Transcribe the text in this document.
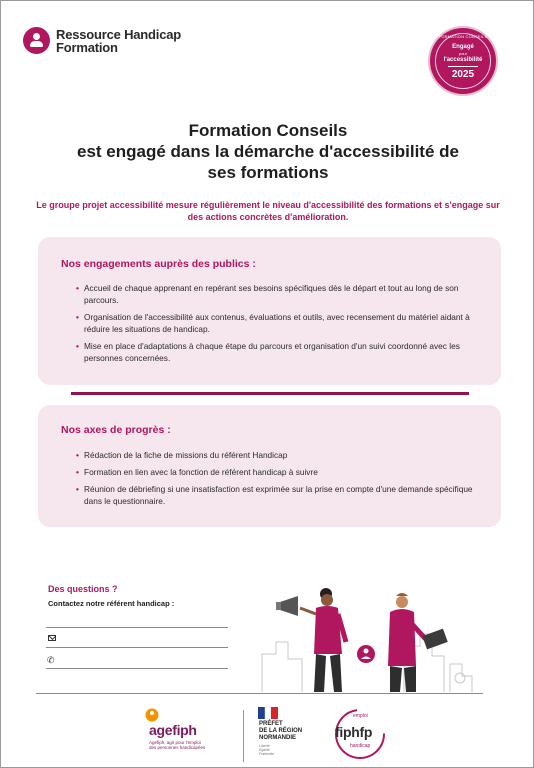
Ressource Handicap
Formation
FORMATION CONSEILS
Engagé
pour
l'accessibilité
2025
Formation Conseils
est engagé dans la démarche d'accessibilité de
ses formations
Le groupe projet accessibilité mesure régulièrement le niveau d'accessibilité des formations et s'engage sur des actions concrètes d'amélioration.
Nos engagements auprès des publics :
• Accueil de chaque apprenant en repérant ses besoins spécifiques dès le départ et tout au long de son parcours.
• Organisation de l'accessibilité aux contenus, évaluations et outils, avec recensement du matériel aidant à réduire les situations de handicap.
• Mise en place d'adaptations à chaque étape du parcours et organisation d'un suivi coordonné avec les personnes concernées.
Nos axes de progrès :
• Rédaction de la fiche de missions du référent Handicap
• Formation en lien avec la fonction de référent handicap à suivre
• Réunion de débriefing si une insatisfaction est exprimée sur la prise en compte d'une demande spécifique dans le questionnaire.
Des questions ?
Contactez notre référent handicap :
✆
agefiph
Agefiph, agir pour l'emploi
des personnes handicapées
PRÉFET
DE LA RÉGION
NORMANDIE
Liberté
Égalité
Fraternité
emploi
fiphfp
handicap
